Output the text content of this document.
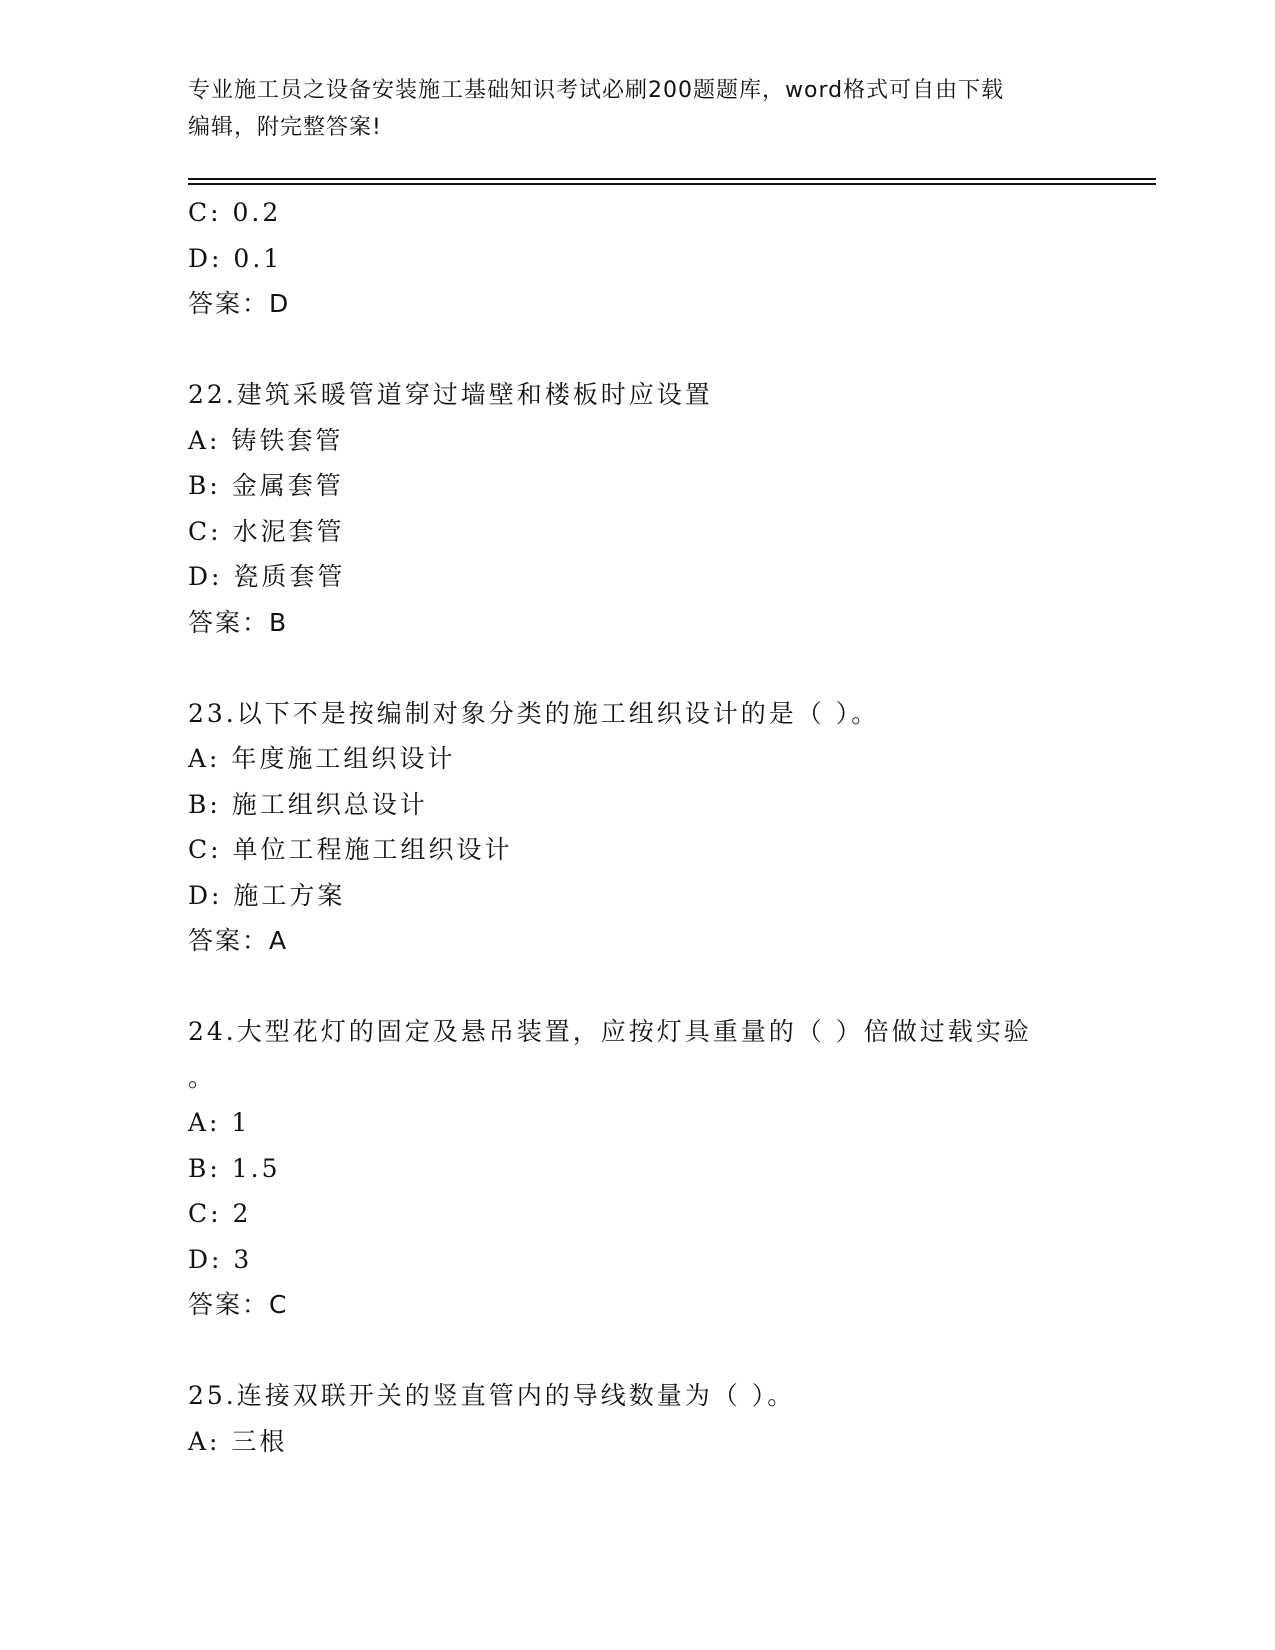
专业施工员之设备安装施工基础知识考试必刷200题题库，word格式可自由下载
编辑，附完整答案!
C: 0.2
D: 0.1
答案：D
22.建筑采暖管道穿过墙壁和楼板时应设置
A: 铸铁套管
B: 金属套管
C: 水泥套管
D: 瓷质套管
答案：B
23.以下不是按编制对象分类的施工组织设计的是（ ）。
A: 年度施工组织设计
B: 施工组织总设计
C: 单位工程施工组织设计
D: 施工方案
答案：A
24.大型花灯的固定及悬吊装置，应按灯具重量的（ ）倍做过载实验
。
A: 1
B: 1.5
C: 2
D: 3
答案：C
25.连接双联开关的竖直管内的导线数量为（ ）。
A: 三根
